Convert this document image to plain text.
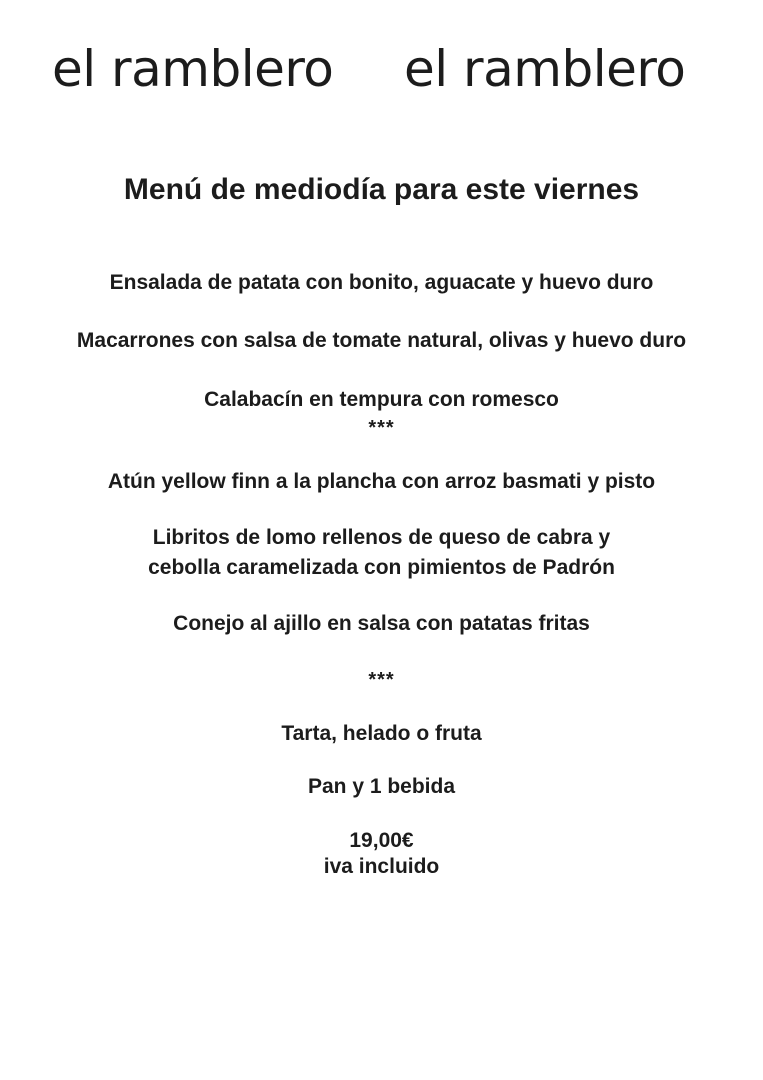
el ramblero el ramblero
Menú de mediodía para este viernes
Ensalada de patata con bonito, aguacate y huevo duro
Macarrones con salsa de tomate natural, olivas y huevo duro
Calabacín en tempura con romesco
***
Atún yellow finn a la plancha con arroz basmati y pisto
Libritos de lomo rellenos de queso de cabra y
cebolla caramelizada con pimientos de Padrón
Conejo al ajillo en salsa con patatas fritas
***
Tarta, helado o fruta
Pan y 1 bebida
19,00€
iva incluido
